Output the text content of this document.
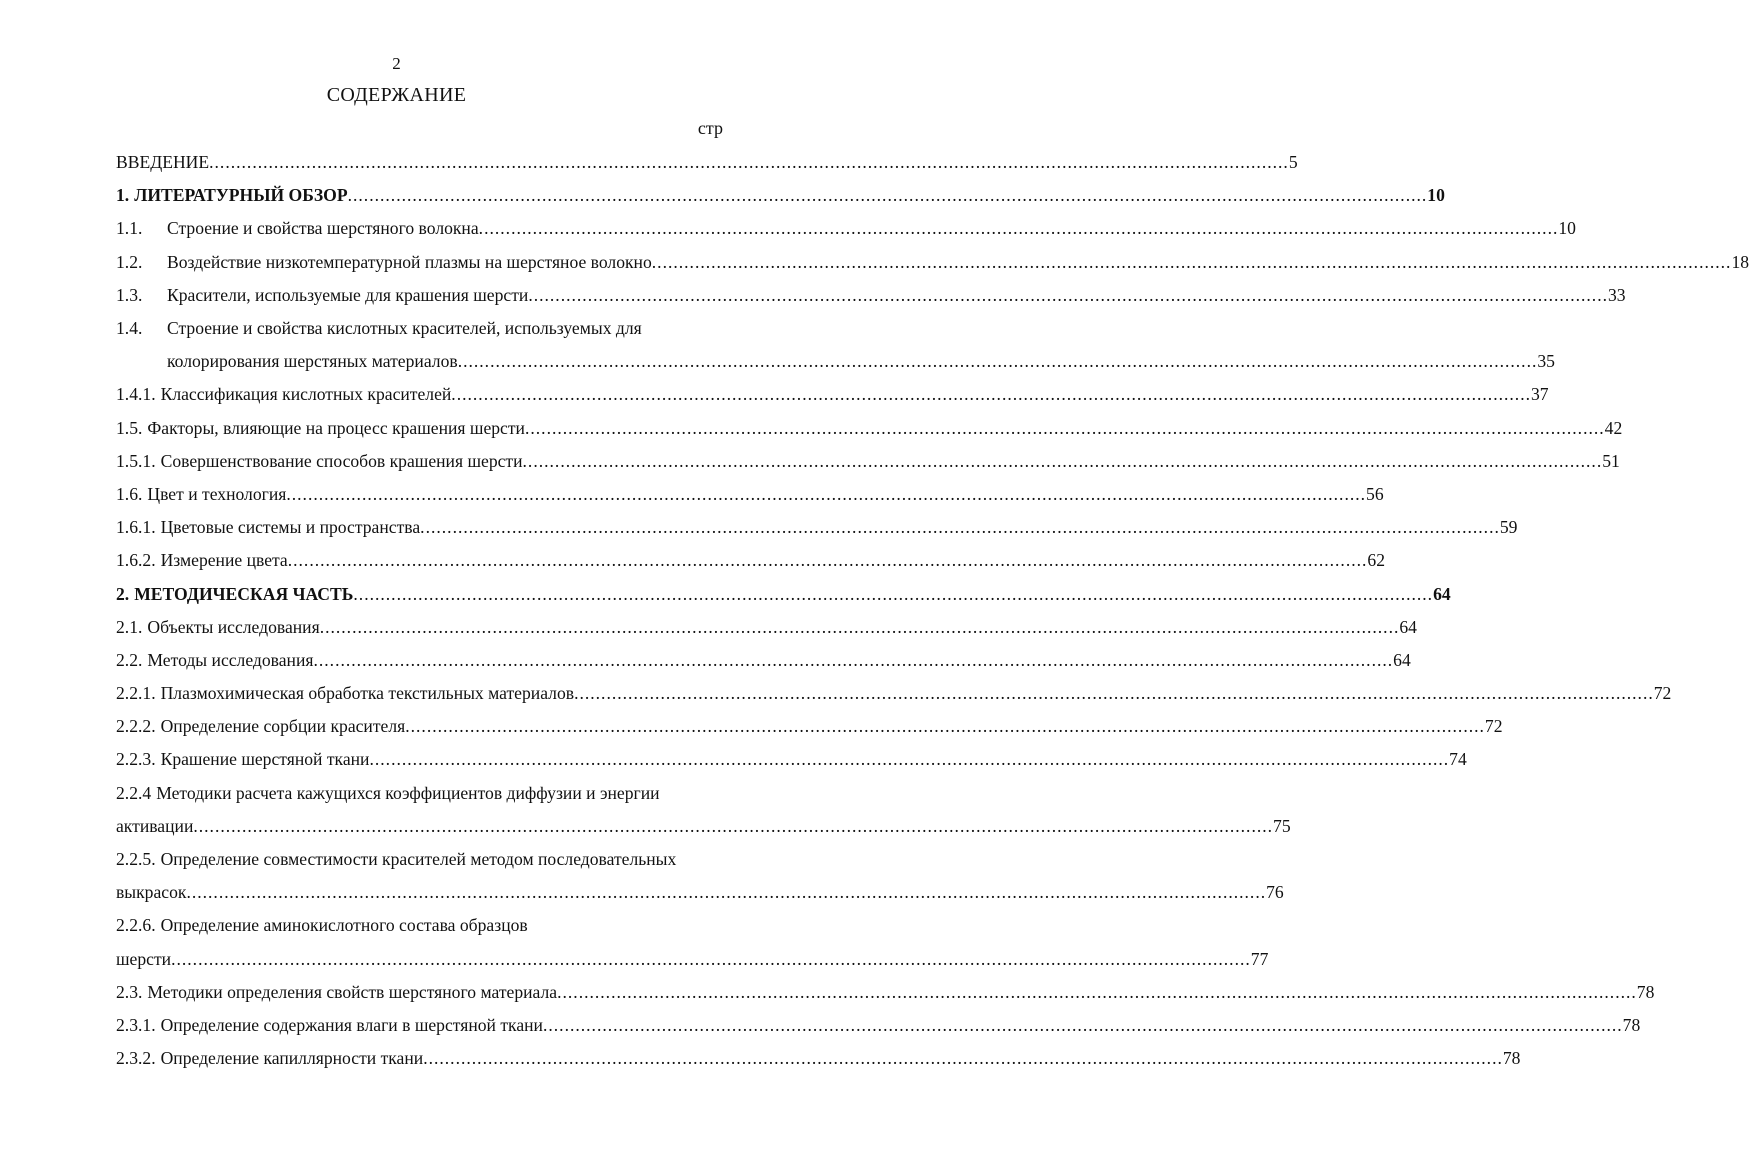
2
СОДЕРЖАНИЕ
стр
ВВЕДЕНИЕ ........................................................................................................................................................................................................ 5
1. ЛИТЕРАТУРНЫЙ ОБЗОР ........................................................................................................................................................................................................ 10
1.1.	Строение и свойства шерстяного волокна ........................................................................................................................................................................................................ 10
1.2.	Воздействие низкотемпературной плазмы на шерстяное волокно ........................................................................................................................................................................................................ 18
1.3.	Красители, используемые для крашения шерсти ........................................................................................................................................................................................................ 33
1.4.	Строение и свойства кислотных красителей, используемых для
колорирования шерстяных материалов ........................................................................................................................................................................................................ 35
1.4.1. Классификация кислотных красителей ........................................................................................................................................................................................................ 37
1.5. Факторы, влияющие на процесс крашения шерсти ........................................................................................................................................................................................................ 42
1.5.1. Совершенствование способов крашения шерсти ........................................................................................................................................................................................................ 51
1.6. Цвет и технология ........................................................................................................................................................................................................ 56
1.6.1. Цветовые системы и пространства ........................................................................................................................................................................................................ 59
1.6.2. Измерение цвета ........................................................................................................................................................................................................ 62
2. МЕТОДИЧЕСКАЯ ЧАСТЬ ........................................................................................................................................................................................................ 64
2.1. Объекты исследования ........................................................................................................................................................................................................ 64
2.2. Методы исследования ........................................................................................................................................................................................................ 64
2.2.1. Плазмохимическая обработка текстильных материалов ........................................................................................................................................................................................................ 72
2.2.2. Определение сорбции красителя ........................................................................................................................................................................................................ 72
2.2.3. Крашение шерстяной ткани ........................................................................................................................................................................................................ 74
2.2.4 Методики расчета кажущихся коэффициентов диффузии и энергии
активации ........................................................................................................................................................................................................ 75
2.2.5. Определение совместимости красителей методом последовательных
выкрасок ........................................................................................................................................................................................................ 76
2.2.6. Определение аминокислотного состава образцов
шерсти ........................................................................................................................................................................................................ 77
2.3. Методики определения свойств шерстяного материала ........................................................................................................................................................................................................ 78
2.3.1. Определение содержания влаги в шерстяной ткани ........................................................................................................................................................................................................ 78
2.3.2. Определение капиллярности ткани ........................................................................................................................................................................................................ 78
